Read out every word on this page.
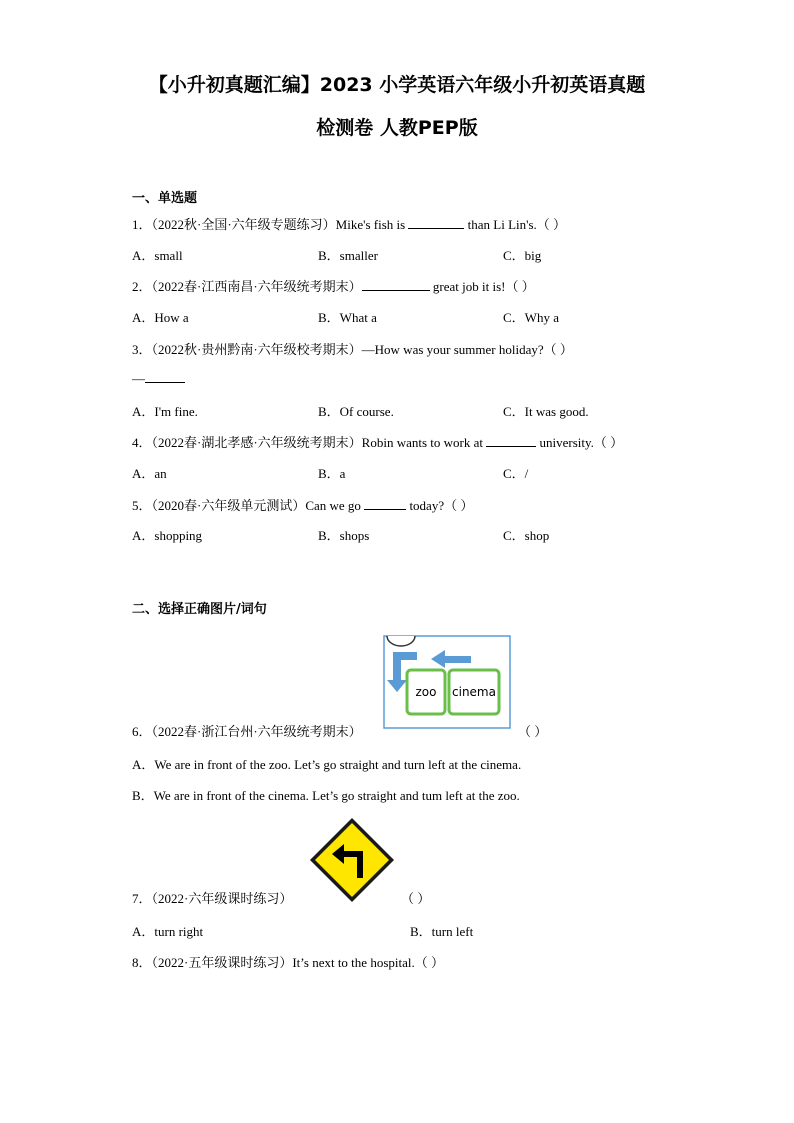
【小升初真题汇编】2023 小学英语六年级小升初英语真题
检测卷 人教PEP版
一、单选题
1．（2022秋·全国·六年级专题练习）Mike's fish is	than Li Lin's.（ ）
A．small	B．smaller	C．big
2．（2022春·江西南昌·六年级统考期末）	great job it is!（ ）
A．How a	B．What a	C．Why a
3．（2022秋·贵州黔南·六年级校考期末）—How was your summer holiday?（ ）
—
A．I'm fine.	B．Of course.	C．It was good.
4．（2022春·湖北孝感·六年级统考期末）Robin wants to work at	university.（ ）
A．an	B．a	C．/
5．（2020春·六年级单元测试）Can we go	today?（ ）
A．shopping	B．shops	C．shop
二、选择正确图片/词句
zoo cinema
6．（2022春·浙江台州·六年级统考期末）	（ ）
A．We are in front of the zoo. Let’s go straight and turn left at the cinema.
B．We are in front of the cinema. Let’s go straight and tum left at the zoo.
7．（2022·六年级课时练习）	（ ）
A．turn right	B．turn left
8．（2022·五年级课时练习）It’s next to the hospital.（ ）
